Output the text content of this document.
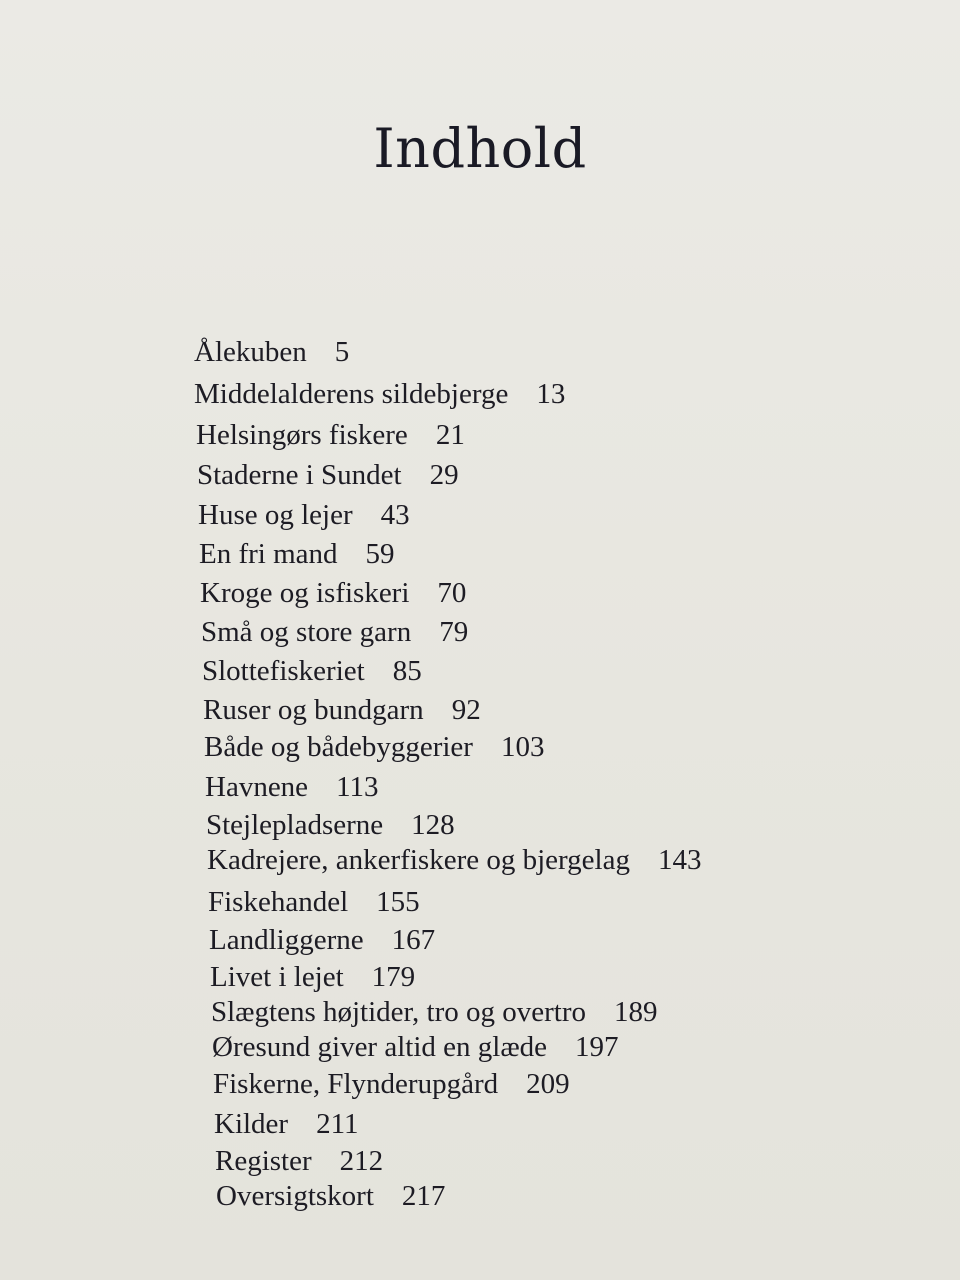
Indhold
Ålekuben 5
Middelalderens sildebjerge 13
Helsingørs fiskere 21
Staderne i Sundet 29
Huse og lejer 43
En fri mand 59
Kroge og isfiskeri 70
Små og store garn 79
Slottefiskeriet 85
Ruser og bundgarn 92
Både og bådebyggerier 103
Havnene 113
Stejlepladserne 128
Kadrejere, ankerfiskere og bjergelag 143
Fiskehandel 155
Landliggerne 167
Livet i lejet 179
Slægtens højtider, tro og overtro 189
Øresund giver altid en glæde 197
Fiskerne, Flynderupgård 209
Kilder 211
Register 212
Oversigtskort 217
